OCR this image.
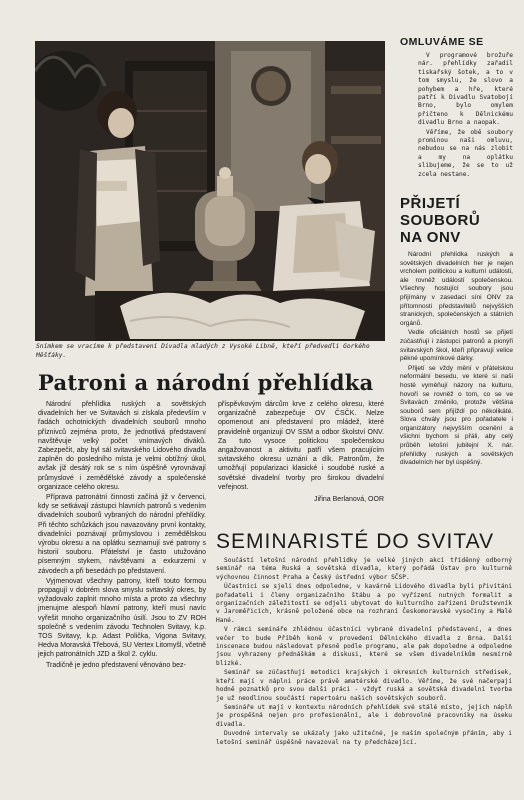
Snímkem se vracíme k představení Divadla mladých z Vysoké Libně, kteří předvedli Gorkého Měšťáky.
OMLUVÁME SE

V programové brožuře nár. přehlídky zařadil tiskařský šotek, a to v tom smyslu, že slovo a pohybem a hře, které patří k Divadlu Svatobojí Brno, bylo omylem přičteno k Dělnickému divadlu Brno a naopak.

Věříme, že obě soubory prominou naši omluvu, nebudou se na nás zlobit a my na oplátku slibujeme, že se to už zcela nestane.

PŘIJETÍ SOUBORŮ NA ONV

Národní přehlídka ruských a sovětských divadelních her je nejen vrcholem politickou a kulturní události, ale rovněž událostí společenskou. Všechny hostující soubory jsou přijímány v zasedací síni ONV za přítomnosti představitelů nejvyšších stranických, společenských a státních orgánů.

Vedle oficiálních hostů se přijetí zúčastňují i zástupci patronů a pionýři svitavských škol, kteří připravují velice pěkné upomínkové dárky.

Přijetí se vždy mění v přátelskou neformální besedu, ve které si naši hosté vyměňují názory na kulturu, hovoří se rovněž o tom, co se ve Svitavách změnilo, protože většina souborů sem přijíždí po několikáté. Slova chvály jsou pro pořadatele i organizátory nejvyšším ocenění a všichni bychom si přáli, aby celý průběh letošní jubilejní X. nár. přehlídky ruských a sovětských divadelních her byl úspěšný.

Patroni a národní přehlídka

Národní přehlídka ruských a sovětských divadelních her ve Svitavách si získala především v řadách ochotnických divadelních souborů mnoho příznivců zejména proto, že jednotlivá představení navštěvuje velký počet vnímavých diváků. Zabezpečit, aby byl sál svitavského Lidového divadla zaplněn do posledního místa je velmi obtížný úkol, avšak již desátý rok se s ním úspěšně vyrovnávají průmyslové i zemědělské závody a společenské organizace celého okresu.

Příprava patronátní činnosti začíná již v červenci, kdy se setkávají zástupci hlavních patronů s vedením divadelních souborů vybraných do národní přehlídky. Při těchto schůzkách jsou navazovány první kontakty, divadelníci poznávají průmyslovou i zemědělskou výrobu okresu a na oplátku seznamují své patrony s historií souboru. Přátelství je často utužováno písemným stykem, návštěvami a exkurzemi v závodech a při besedách po představení.

Vyjmenovat všechny patrony, kteří touto formou propagují v dobrém slova smyslu svitavský okres, by vyžadovalo zaplnit mnoho místa a proto za všechny jmenujme alespoň hlavní patrony, kteří musí navíc vyřešit mnoho organizačního úsilí. Jsou to ZV ROH společně s vedením závodu Technolen Svitavy, k.p. TOS Svitavy, k.p. Adast Polička, Vigona Svitavy, Hedva Moravská Třebová, SU Vertex Litomyšl, včetně jejich patronátních JZD a škol 2. cyklu.

Tradičně je jedno představení věnováno bez-

příspěvkovým dárcům krve z celého okresu, které organizačně zabezpečuje OV ČSČK. Nelze opomenout ani představení pro mládež, které pravidelně organizují OV SSM a odbor školství ONV. Za tuto vysoce politickou společenskou angažovanost a aktivitu patří všem pracujícím svitavského okresu uznání a dík. Patronům, že umožňují popularizaci klasické i soudobé ruské a sovětské divadelní tvorby pro širokou divadelní veřejnost.

Jiřina Berlanová, OOR
SEMINARISTÉ DO SVITAV

Součástí letošní národní přehlídky je velké jiných akcí tříděnný odborný seminář na téma Ruská a sovětská divadla, který pořádá Ústav pro kulturně výchovnou činnost Praha a Český ústřední výbor SČSP.

Účastníci se sjeli dnes odpoledne, v kavárně Lidového divadla byli přivítáni pořadateli i členy organizačního štábu a po vyřízení nutných formalit a organizačních záležitostí se odjeli ubytovat do kulturního zařízení Družstevník v Jaroměřicích, krásně položené obce na rozhraní Českomoravské vysočiny a Malé Hané.

V rámci semináře zhlédnou účastníci vybrané divadelní představení, a dnes večer to bude Příběh koně v provedení Dělnického divadla z Brna. Další inscenace budou následovat přesně podle programu, ale pak dopoledne a odpoledne jsou vyhrazeny přednáškám a diskusi, které se všem divadelníkům nesmírně blízké.

Seminář se zúčastňují metodici krajských i okresních kulturních středisek, kteří mají v náplni práce právě amatérské divadlo. Věříme, že své načerpají hodně poznatků pro svou další práci - vždyť ruská a sovětská divadelní tvorba je už neodlinou součástí repertoáru našich sovětských souborů.

Semináře ut mají v kontextu národních přehlídek své stálé místo, jejich náplň je prospěšná nejen pro profesionální, ale i dobrovolné pracovníky na úseku divadla.

Duvodné intervaly se ukázaly jako užitečné, je naším společným přáním, aby i letošní seminář úspěšně navazoval na ty předcházející.
